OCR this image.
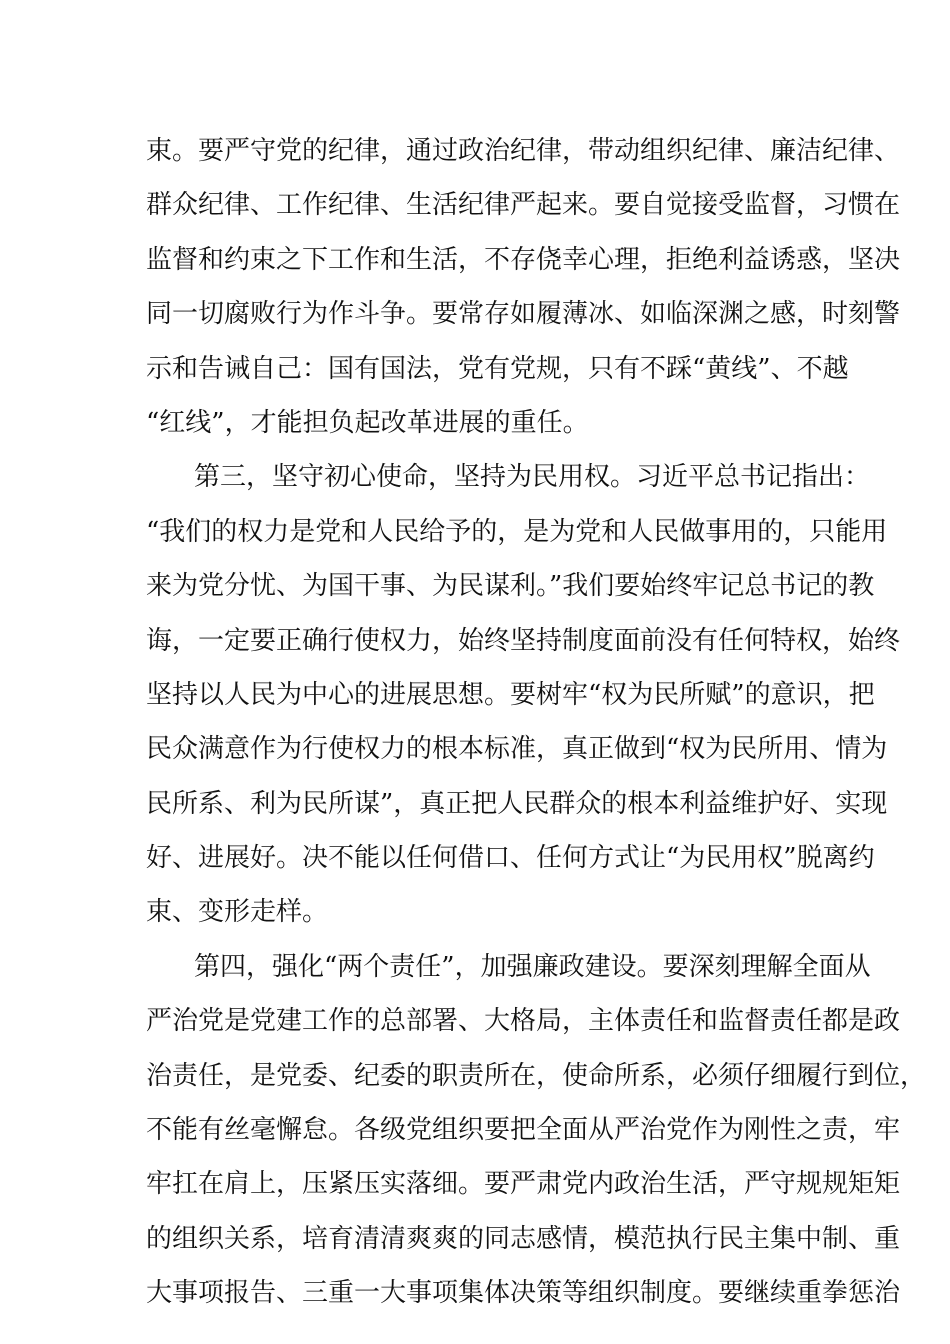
束。要严守党的纪律，通过政治纪律，带动组织纪律、廉洁纪律、
群众纪律、工作纪律、生活纪律严起来。要自觉接受监督，习惯在
监督和约束之下工作和生活，不存侥幸心理，拒绝利益诱惑，坚决
同一切腐败行为作斗争。要常存如履薄冰、如临深渊之感，时刻警
示和告诫自己：国有国法，党有党规，只有不踩“黄线”、不越
“红线”，才能担负起改革进展的重任。
第三，坚守初心使命，坚持为民用权。习近平总书记指出：
“我们的权力是党和人民给予的，是为党和人民做事用的，只能用
来为党分忧、为国干事、为民谋利。”我们要始终牢记总书记的教
诲，一定要正确行使权力，始终坚持制度面前没有任何特权，始终
坚持以人民为中心的进展思想。要树牢“权为民所赋”的意识，把
民众满意作为行使权力的根本标准，真正做到“权为民所用、情为
民所系、利为民所谋”，真正把人民群众的根本利益维护好、实现
好、进展好。决不能以任何借口、任何方式让“为民用权”脱离约
束、变形走样。
第四，强化“两个责任”，加强廉政建设。要深刻理解全面从
严治党是党建工作的总部署、大格局，主体责任和监督责任都是政
治责任，是党委、纪委的职责所在，使命所系，必须仔细履行到位，
不能有丝毫懈怠。各级党组织要把全面从严治党作为刚性之责，牢
牢扛在肩上，压紧压实落细。要严肃党内政治生活，严守规规矩矩
的组织关系，培育清清爽爽的同志感情，模范执行民主集中制、重
大事项报告、三重一大事项集体决策等组织制度。要继续重拳惩治
